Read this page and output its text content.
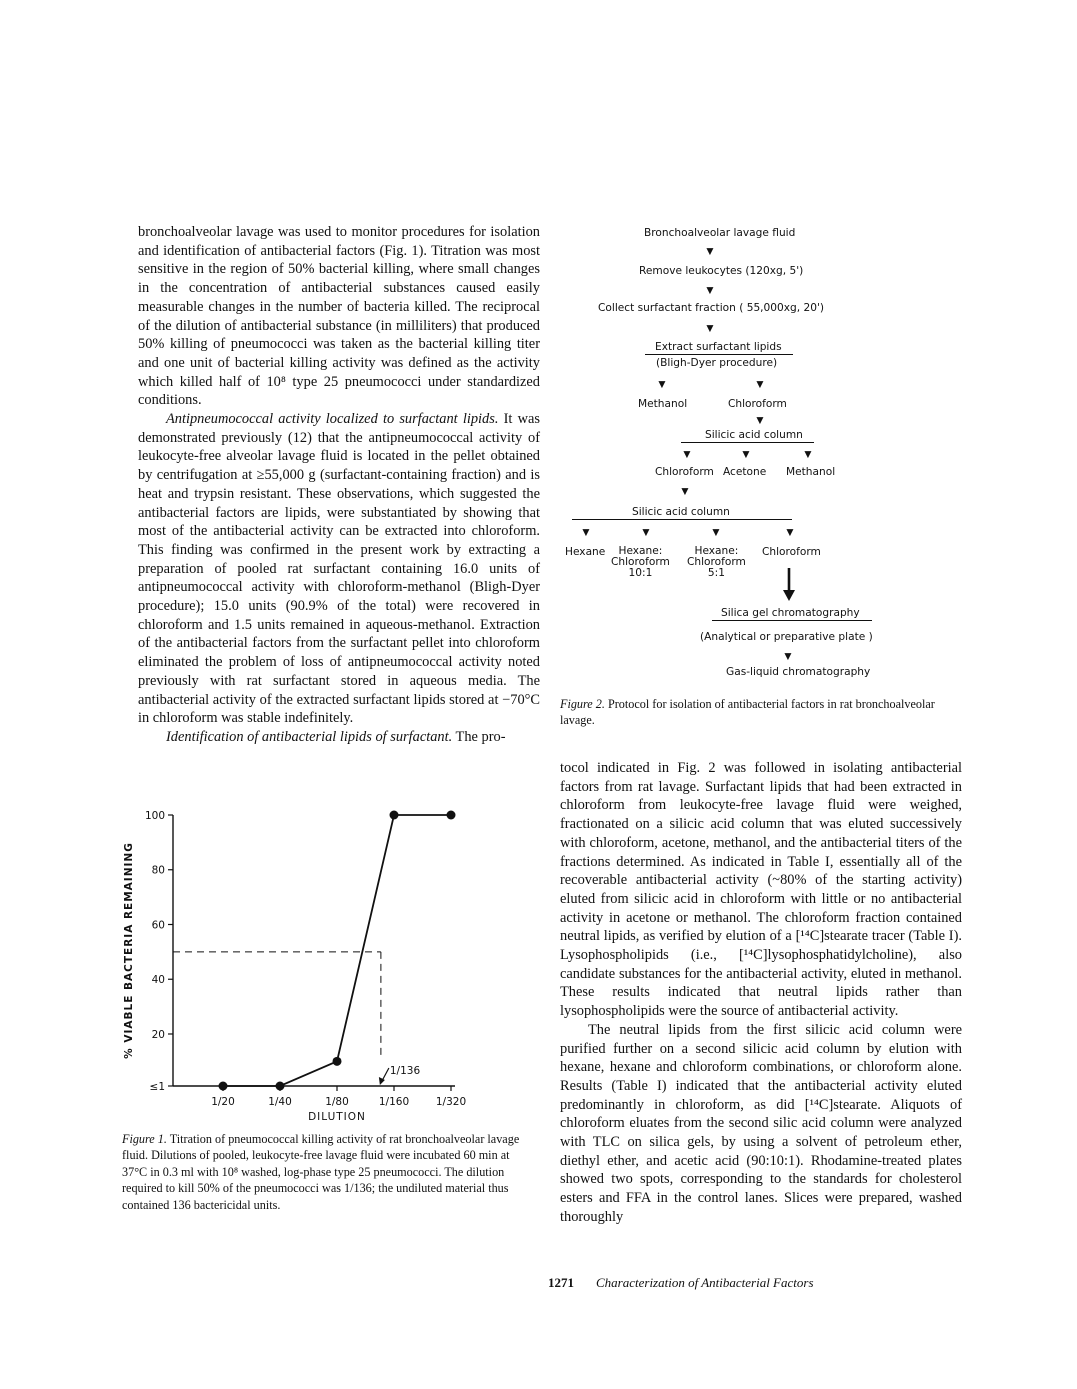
bronchoalveolar lavage was used to monitor procedures for isolation and identification of antibacterial factors (Fig. 1). Titration was most sensitive in the region of 50% bacterial killing, where small changes in the concentration of antibacterial substances caused easily measurable changes in the number of bacteria killed. The reciprocal of the dilution of antibacterial substance (in milliliters) that produced 50% killing of pneumococci was taken as the bacterial killing titer and one unit of bacterial killing activity was defined as the activity which killed half of 10⁸ type 25 pneumococci under standardized conditions.

Antipneumococcal activity localized to surfactant lipids. It was demonstrated previously (12) that the antipneumococcal activity of leukocyte-free alveolar lavage fluid is located in the pellet obtained by centrifugation at ≥55,000 g (surfactant-containing fraction) and is heat and trypsin resistant. These observations, which suggested the antibacterial factors are lipids, were substantiated by showing that most of the antibacterial activity can be extracted into chloroform. This finding was confirmed in the present work by extracting a preparation of pooled rat surfactant containing 16.0 units of antipneumococcal activity with chloroform-methanol (Bligh-Dyer procedure); 15.0 units (90.9% of the total) were recovered in chloroform and 1.5 units remained in aqueous-methanol. Extraction of the antibacterial factors from the surfactant pellet into chloroform eliminated the problem of loss of antipneumococcal activity noted previously with rat surfactant stored in aqueous media. The antibacterial activity of the extracted surfactant lipids stored at −70°C in chloroform was stable indefinitely.

Identification of antibacterial lipids of surfactant. The pro-

≤1
20
40
60
80
100
1/20	1/40	1/80	1/160	1/320
DILUTION
% VIABLE BACTERIA REMAINING
1/136
Figure 1. Titration of pneumococcal killing activity of rat bronchoalveolar lavage fluid. Dilutions of pooled, leukocyte-free lavage fluid were incubated 60 min at 37°C in 0.3 ml with 10⁸ washed, log-phase type 25 pneumococci. The dilution required to kill 50% of the pneumococci was 1/136; the undiluted material thus contained 136 bactericidal units.
Bronchoalveolar lavage fluid
▼
Remove leukocytes (120xg, 5')
▼
Collect surfactant fraction ( 55,000xg, 20')
▼
Extract surfactant lipids
(Bligh-Dyer procedure)
▼	▼
Methanol	Chloroform
▼
Silicic acid column
▼	▼	▼
Chloroform Acetone Methanol
▼
Silicic acid column
▼	▼	▼	▼
Hexane	Hexane:
Chloroform
10:1
Hexane:
Chloroform
5:1
Chloroform
Silica gel chromatography
(Analytical or preparative plate )
▼
Gas-liquid chromatography
Figure 2. Protocol for isolation of antibacterial factors in rat bronchoalveolar lavage.

tocol indicated in Fig. 2 was followed in isolating antibacterial factors from rat lavage. Surfactant lipids that had been extracted in chloroform from leukocyte-free lavage fluid were weighed, fractionated on a silicic acid column that was eluted successively with chloroform, acetone, methanol, and the antibacterial titers of the fractions determined. As indicated in Table I, essentially all of the recoverable antibacterial activity (~80% of the starting activity) eluted from silicic acid in chloroform with little or no antibacterial activity in acetone or methanol. The chloroform fraction contained neutral lipids, as verified by elution of a [¹⁴C]stearate tracer (Table I). Lysophospholipids (i.e., [¹⁴C]lysophosphatidylcholine), also candidate substances for the antibacterial activity, eluted in methanol. These results indicated that neutral lipids rather than lysophospholipids were the source of antibacterial activity.

The neutral lipids from the first silicic acid column were purified further on a second silicic acid column by elution with hexane, hexane and chloroform combinations, or chloroform alone. Results (Table I) indicated that the antibacterial activity eluted predominantly in chloroform, as did [¹⁴C]stearate. Aliquots of chloroform eluates from the second silic acid column were analyzed with TLC on silica gels, by using a solvent of petroleum ether, diethyl ether, and acetic acid (90:10:1). Rhodamine-treated plates showed two spots, corresponding to the standards for cholesterol esters and FFA in the control lanes. Slices were prepared, washed thoroughly

1271 Characterization of Antibacterial Factors
